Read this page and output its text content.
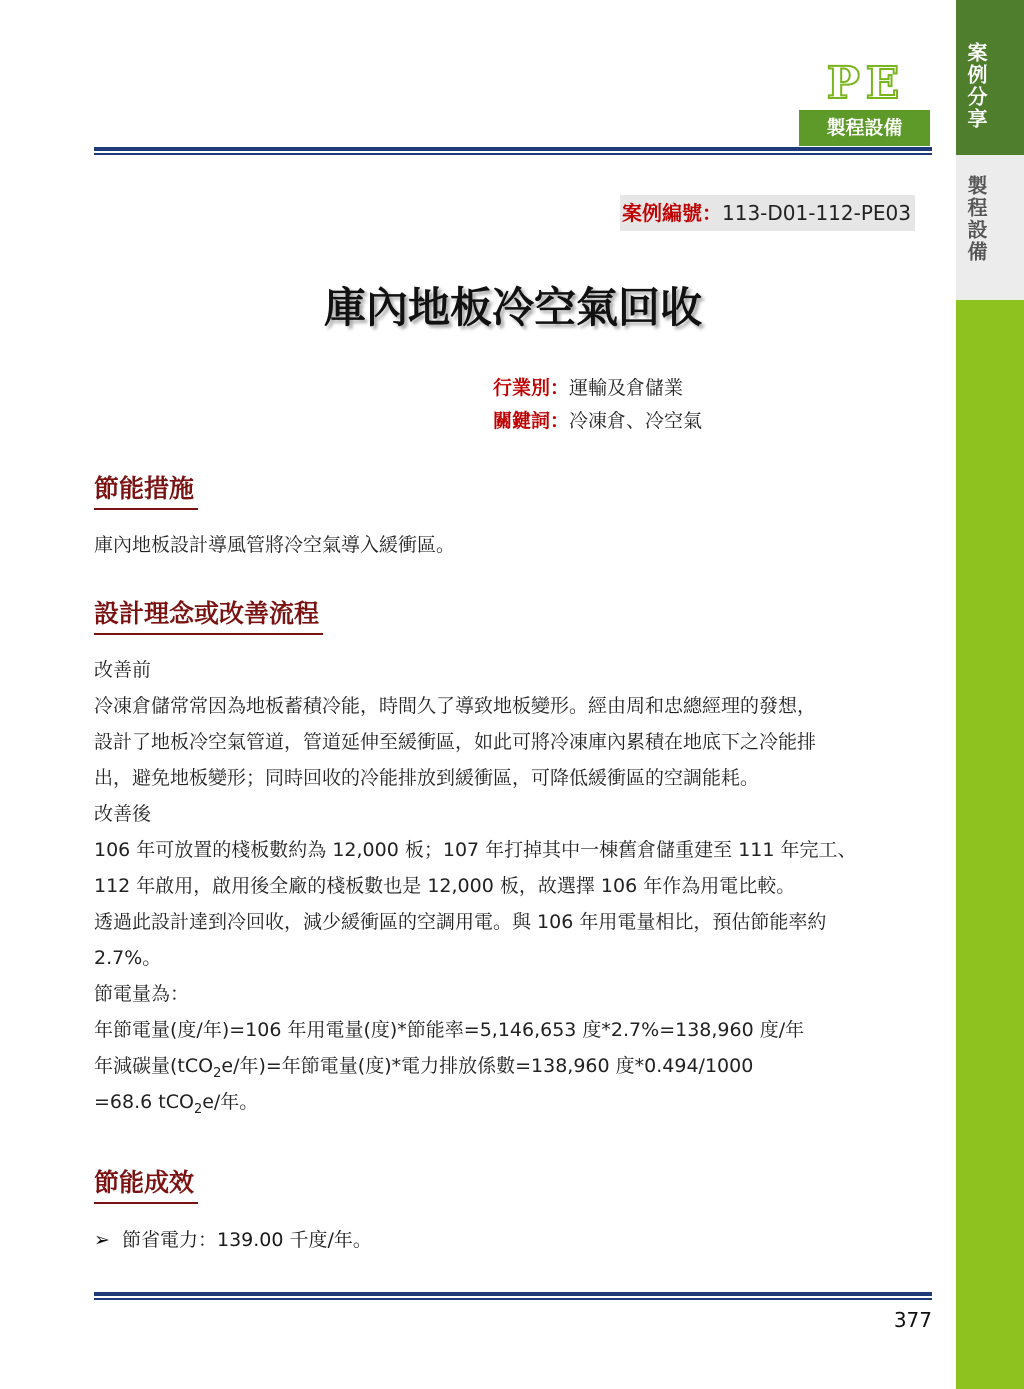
案例分享
製程設備
PE
製程設備
案例編號：113-D01-112-PE03
庫內地板冷空氣回收
行業別：運輸及倉儲業
關鍵詞：冷凍倉、冷空氣
節能措施

庫內地板設計導風管將冷空氣導入緩衝區。

設計理念或改善流程

改善前

冷凍倉儲常常因為地板蓄積冷能，時間久了導致地板變形。經由周和忠總經理的發想，

設計了地板冷空氣管道，管道延伸至緩衝區，如此可將冷凍庫內累積在地底下之冷能排

出，避免地板變形；同時回收的冷能排放到緩衝區，可降低緩衝區的空調能耗。

改善後

106 年可放置的棧板數約為 12,000 板；107 年打掉其中一棟舊倉儲重建至 111 年完工、

112 年啟用，啟用後全廠的棧板數也是 12,000 板，故選擇 106 年作為用電比較。

透過此設計達到冷回收，減少緩衝區的空調用電。與 106 年用電量相比，預估節能率約

2.7%。

節電量為：

年節電量(度/年)=106 年用電量(度)*節能率=5,146,653 度*2.7%=138,960 度/年

年減碳量(tCO$_2$e/年)=年節電量(度)*電力排放係數=138,960 度*0.494/1000

=68.6 tCO$_2$e/年。

節能成效
➢ 節省電力：139.00 千度/年。
377
